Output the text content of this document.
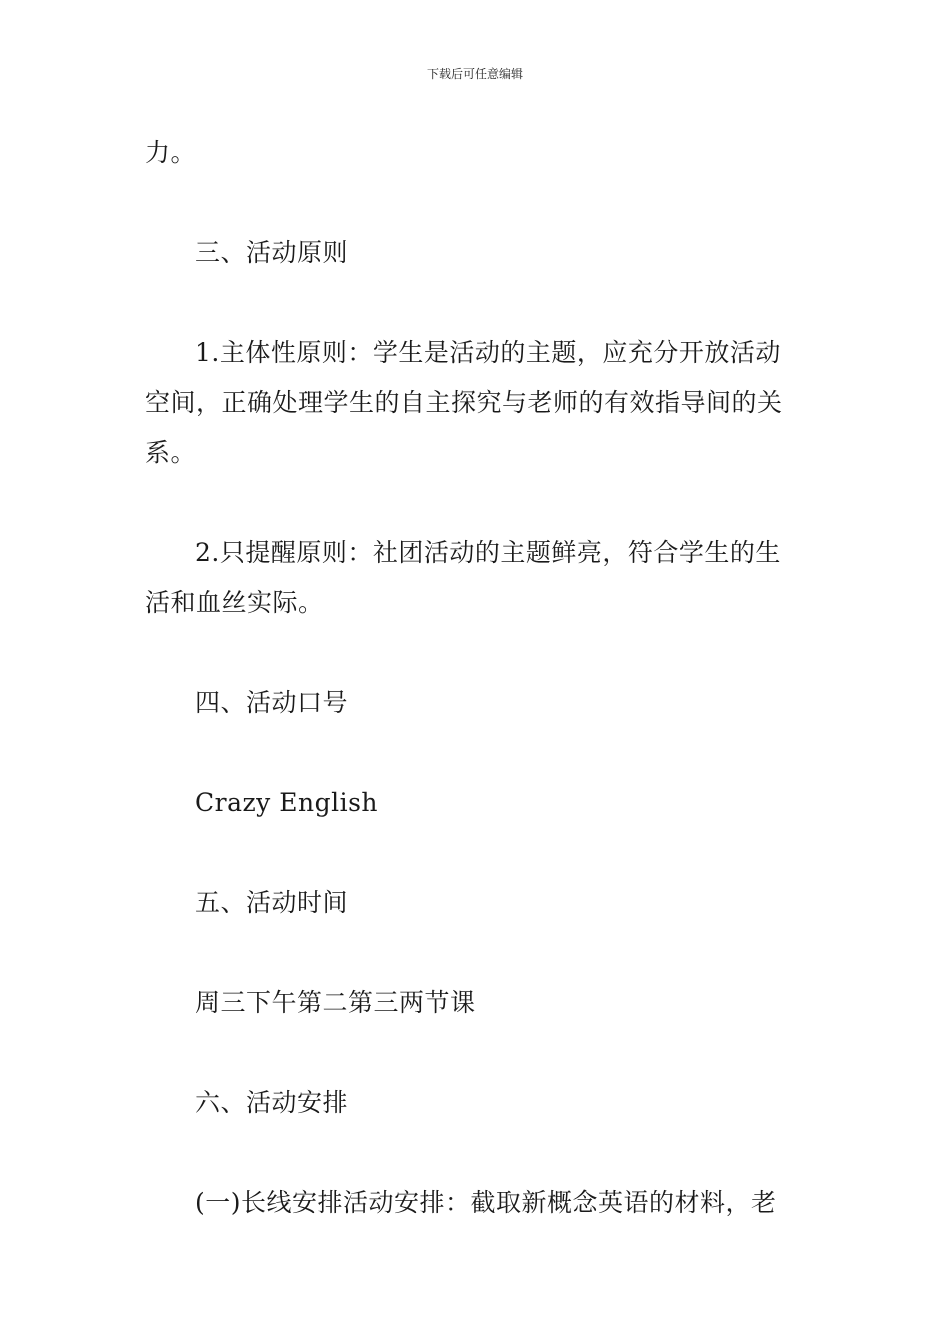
下载后可任意编辑
力。
三、活动原则
1.主体性原则：学生是活动的主题，应充分开放活动
空间，正确处理学生的自主探究与老师的有效指导间的关
系。
2.只提醒原则：社团活动的主题鲜亮，符合学生的生
活和血丝实际。
四、活动口号
Crazy English
五、活动时间
周三下午第二第三两节课
六、活动安排
(一)长线安排活动安排：截取新概念英语的材料，老
